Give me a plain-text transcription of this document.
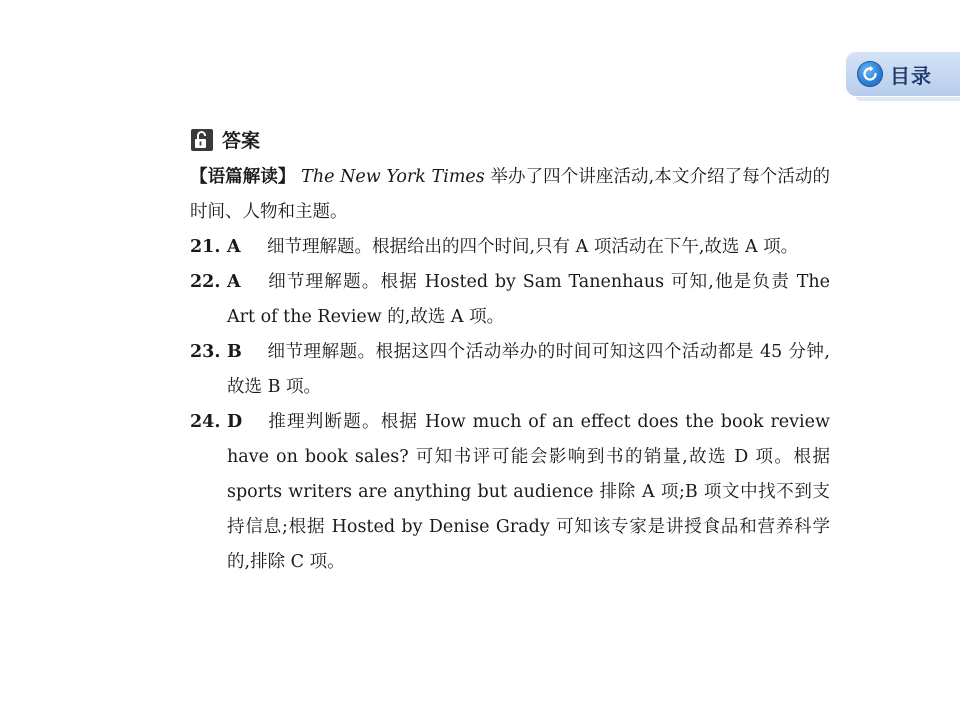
目录
答案

【语篇解读】 The New York Times 举办了四个讲座活动,本文介绍了每个活动的时间、人物和主题。

21. A 细节理解题。根据给出的四个时间,只有 A 项活动在下午,故选 A 项。

22. A 细节理解题。根据 Hosted by Sam Tanenhaus 可知,他是负责 The Art of the Review 的,故选 A 项。

23. B 细节理解题。根据这四个活动举办的时间可知这四个活动都是 45 分钟,故选 B 项。

24. D 推理判断题。根据 How much of an effect does the book review have on book sales? 可知书评可能会影响到书的销量,故选 D 项。根据 sports writers are anything but audience 排除 A 项;B 项文中找不到支持信息;根据 Hosted by Denise Grady 可知该专家是讲授食品和营养科学的,排除 C 项。
